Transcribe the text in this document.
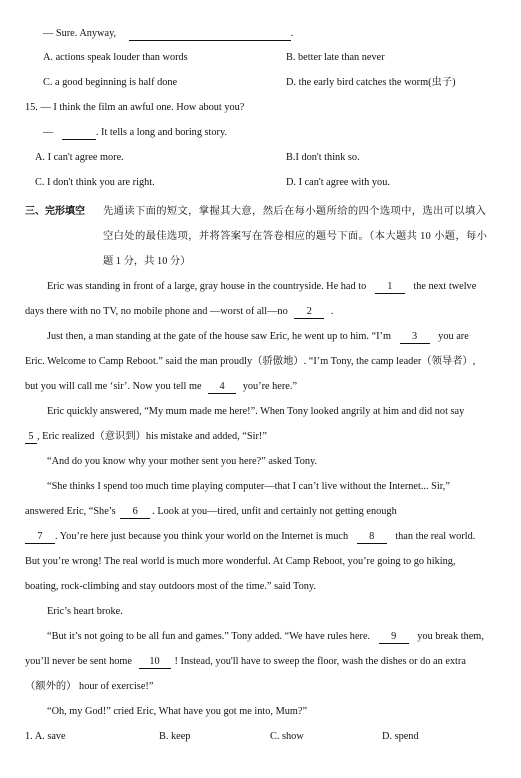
— Sure. Anyway,	.
A. actions speak louder than words	B. better late than never
C. a good beginning is half done	D. the early bird catches the worm(虫子)
15. — I think the film an awful one. How about you?
—	. It tells a long and boring story.
A. I can't agree more.	B.I don't think so.
C. I don't think you are right.	D. I can't agree with you.
三、完形填空 先通读下面的短文，掌握其大意，然后在每小题所给的四个选项中，选出可以填入
空白处的最佳选项，并将答案写在答卷相应的题号下面。（本大题共 10 小题，每小
题 1 分，共 10 分）
Eric was standing in front of a large, gray house in the countryside. He had to 1 the next twelve
days there with no TV, no mobile phone and —worst of all—no 2 .
Just then, a man standing at the gate of the house saw Eric, he went up to him. “I’m 3 you are
Eric. Welcome to Camp Reboot.” said the man proudly（骄傲地）. “I’m Tony, the camp leader（领导者）,
but you will call me ‘sir’. Now you tell me 4 you’re here.”
Eric quickly answered, “My mum made me here!”. When Tony looked angrily at him and did not say
5 , Eric realized（意识到）his mistake and added, “Sir!”
“And do you know why your mother sent you here?” asked Tony.
“She thinks I spend too much time playing computer—that I can’t live without the Internet... Sir,”
answered Eric, “She’s 6 . Look at you—tired, unfit and certainly not getting enough
7 . You’re here just because you think your world on the Internet is much 8 than the real world.
But you’re wrong! The real world is much more wonderful. At Camp Reboot, you’re going to go hiking,
boating, rock-climbing and stay outdoors most of the time.” said Tony.
Eric’s heart broke.
“But it’s not going to be all fun and games.” Tony added. “We have rules here. 9 you break them,
you’ll never be sent home 10 ! Instead, you'll have to sweep the floor, wash the dishes or do an extra
（额外的） hour of exercise!”
“Oh, my God!” cried Eric, What have you got me into, Mum?”
1. A. save	B. keep	C. show	D. spend
